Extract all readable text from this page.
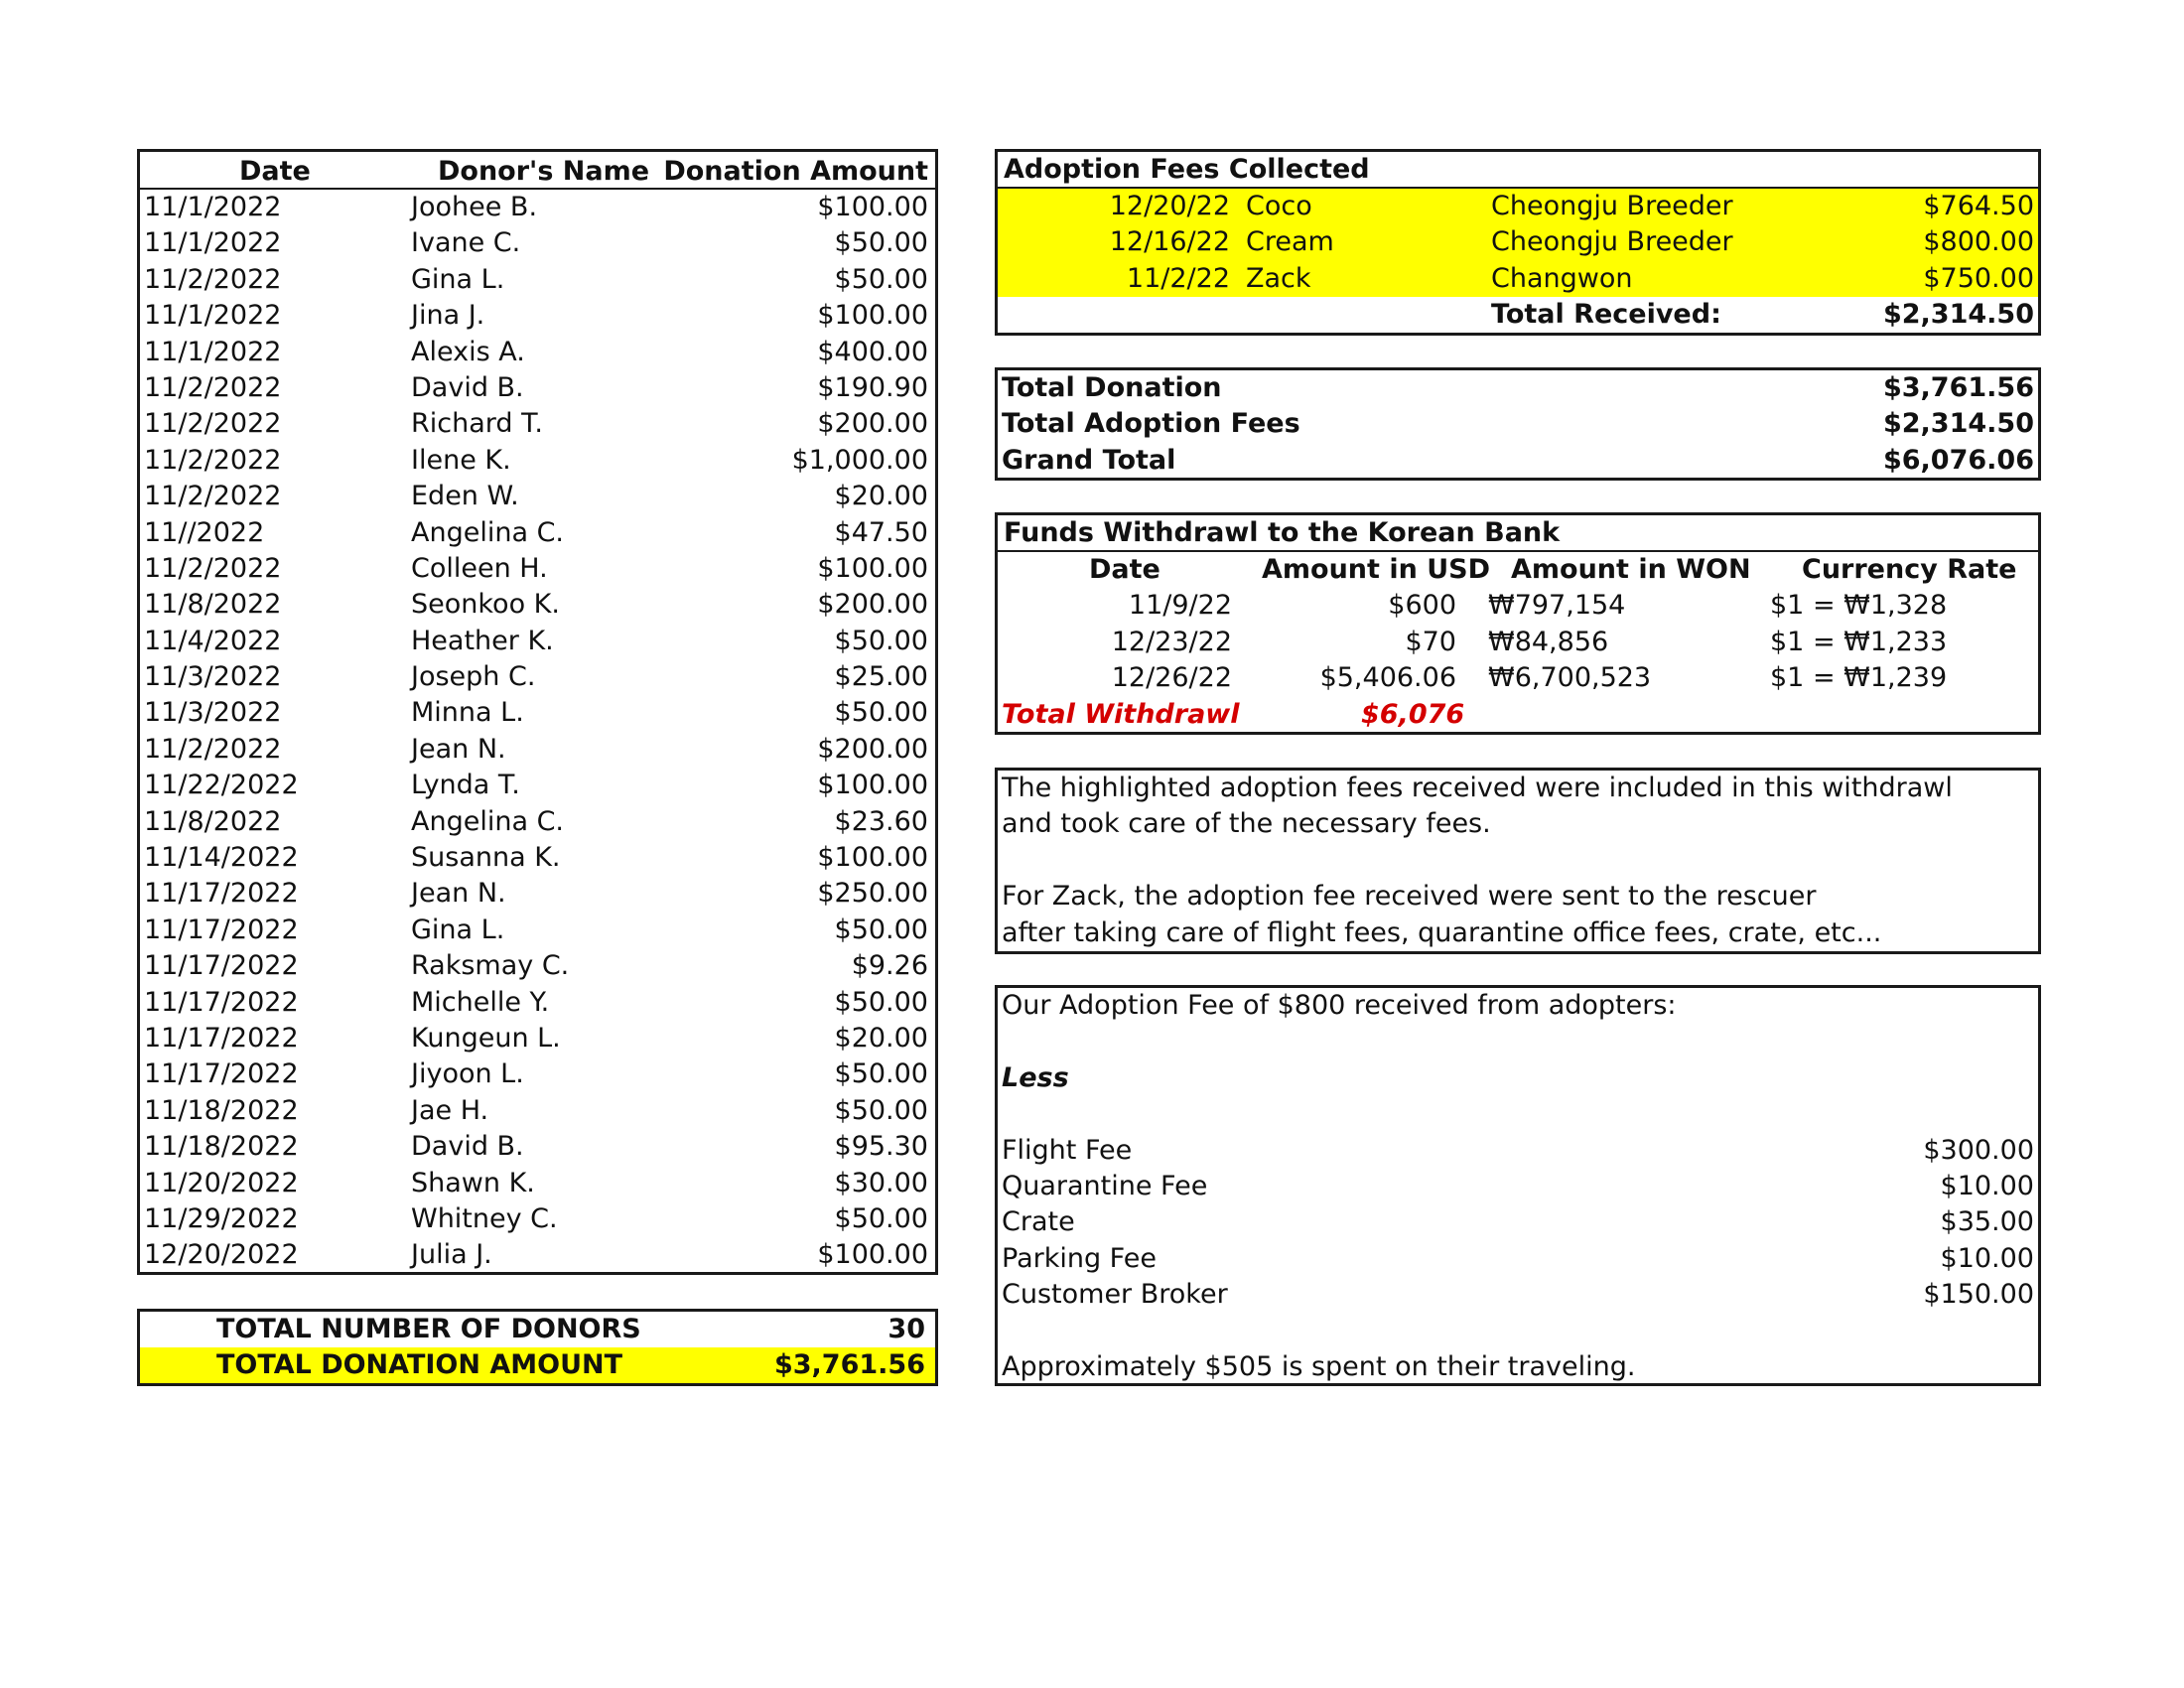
Date	Donor's Name Donation Amount
11/1/2022	Joohee B.	$100.00
11/1/2022	Ivane C.	$50.00
11/2/2022	Gina L.	$50.00
11/1/2022	Jina J.	$100.00
11/1/2022	Alexis A.	$400.00
11/2/2022	David B.	$190.90
11/2/2022	Richard T.	$200.00
11/2/2022	Ilene K.	$1,000.00
11/2/2022	Eden W.	$20.00
11//2022	Angelina C.	$47.50
11/2/2022	Colleen H.	$100.00
11/8/2022	Seonkoo K.	$200.00
11/4/2022	Heather K.	$50.00
11/3/2022	Joseph C.	$25.00
11/3/2022	Minna L.	$50.00
11/2/2022	Jean N.	$200.00
11/22/2022	Lynda T.	$100.00
11/8/2022	Angelina C.	$23.60
11/14/2022	Susanna K.	$100.00
11/17/2022	Jean N.	$250.00
11/17/2022	Gina L.	$50.00
11/17/2022	Raksmay C.	$9.26
11/17/2022	Michelle Y.	$50.00
11/17/2022	Kungeun L.	$20.00
11/17/2022	Jiyoon L.	$50.00
11/18/2022	Jae H.	$50.00
11/18/2022	David B.	$95.30
11/20/2022	Shawn K.	$30.00
11/29/2022	Whitney C.	$50.00
12/20/2022	Julia J.	$100.00
TOTAL NUMBER OF DONORS	30
TOTAL DONATION AMOUNT	$3,761.56
Adoption Fees Collected
12/20/22 Coco	Cheongju Breeder	$764.50
12/16/22 Cream	Cheongju Breeder	$800.00
11/2/22 Zack	Changwon	$750.00
Total Received:	$2,314.50
Total Donation	$3,761.56
Total Adoption Fees	$2,314.50
Grand Total	$6,076.06
Funds Withdrawl to the Korean Bank
Date	Amount in USD Amount in WON Currency Rate
11/9/22	$600 ₩797,154	$1 = ₩1,328
12/23/22	$70 ₩84,856	$1 = ₩1,233
12/26/22	$5,406.06 ₩6,700,523	$1 = ₩1,239
Total Withdrawl	$6,076
The highlighted adoption fees received were included in this withdrawl
and took care of the necessary fees.
For Zack, the adoption fee received were sent to the rescuer
after taking care of flight fees, quarantine office fees, crate, etc...
Our Adoption Fee of $800 received from adopters:
Less
Flight Fee	$300.00
Quarantine Fee	$10.00
Crate	$35.00
Parking Fee	$10.00
Customer Broker	$150.00
Approximately $505 is spent on their traveling.
